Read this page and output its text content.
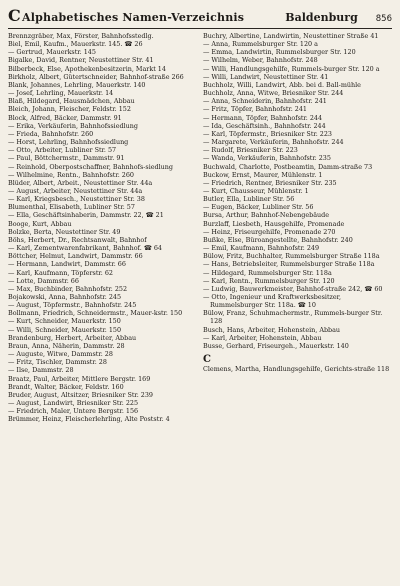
C Alphabetisches Namen-Verzeichnis	Baldenburg 856
Brennzgräber, Max, Förster, Bahnhofsstedlg.
Biel, Emil, Kaufm., Mauerkstr. 145. ☎ 26
— Gertrud, Mauerkstr. 145
Bigalke, David, Rentner, Neustettiner Str. 41
Bilberbeck, Else, Apothekenbesitzerin, Markt 14
Birkholz, Albert, Gütertschneider, Bahnhof-straße 266
Blank, Johannes, Lehrling, Mauerkstr. 140
— Josef, Lehrling, Mauerkstr. 14
Blaß, Hildegard, Hausmädchen, Abbau
Bleich, Johann, Fleischer, Feldstr. 152
Block, Alfred, Bäcker, Dammstr. 91
— Erika, Verkäuferin, Bahnhofssiedlung
— Frieda, Bahnhofstr. 260
— Horst, Lehrling, Bahnhofssiedlung
— Otto, Arbeiter, Lubliner Str. 57
— Paul, Böttchermstr., Dammstr. 91
— Reinhold, Oberpostschaffner, Bahnhofs-siedlung
— Wilhelmine, Rentn., Bahnhofstr. 260
Blüder, Albert, Arbeit., Neustettiner Str. 44a
— August, Arbeiter, Neustettiner Str. 44a
— Karl, Kriegsbesch., Neustettiner Str. 38
Blumenthal, Elisabeth, Lubliner Str. 57
— Ella, Geschäftsinhaberin, Dammstr. 22, ☎ 21
Booge, Kurt, Abbau
Bolzke, Berta, Neustettiner Str. 49
Böhs, Herbert, Dr., Rechtsanwalt, Bahnhof
— Karl, Zementwarenfabrikant, Bahnhof. ☎ 64
Böttcher, Helmut, Landwirt, Dammstr. 66
— Hermann, Landwirt, Dammstr. 66
— Karl, Kaufmann, Töpferstr. 62
— Lotte, Dammstr. 66
— Max, Buchbinder, Bahnhofstr. 252
Bojakowski, Anna, Bahnhofstr. 245
— August, Töpfermstr., Bahnhofstr. 245
Bollmann, Friedrich, Schneidermstr., Mauer-kstr. 150
— Kurt, Schneider, Mauerkstr. 150
— Willi, Schneider, Mauerkstr. 150
Brandenburg, Herbert, Arbeiter, Abbau
Braun, Anna, Näherin, Dammstr. 28
— Auguste, Witwe, Dammstr. 28
— Fritz, Tischler, Dammstr. 28
— Ilse, Dammstr. 28
Braatz, Paul, Arbeiter, Mittlere Bergstr. 169
Brandt, Walter, Bäcker, Feldstr. 160
Bruder, August, Altsitzer, Briesniker Str. 239
— August, Landwirt, Briesniker Str. 225
— Friedrich, Maler, Untere Bergstr. 156
Brümmer, Heinz, Fleischerlehrling, Alte Poststr. 4
Buchry, Albertine, Landwirtin, Neustettiner Straße 41
— Anna, Rummelsburger Str. 120 a
— Emma, Landwirtin, Rummelsburger Str. 120
— Wilhelm, Weber, Bahnhofstr. 248
— Willi, Handlungsgehilfe, Rummels-burger Str. 120 a
— Willi, Landwirt, Neustettiner Str. 41
Buchholz, Willi, Landwirt, Abb. bei d. Ball-mühle
Buchholz, Anna, Witwe, Briesniker Str. 244
— Anna, Schneiderin, Bahnhofstr. 241
— Fritz, Töpfer, Bahnhofstr. 241
— Hermann, Töpfer, Bahnhofstr. 244
— Ida, Geschäftsinh., Bahnhofstr. 244
— Karl, Töpfermstr., Briesniker Str. 223
— Margarete, Verkäuferin, Bahnhofstr. 244
— Rudolf, Briesniker Str. 223
— Wanda, Verkäuferin, Bahnhofstr. 235
Buchwald, Charlotte, Postbeamtin, Damm-straße 73
Buckow, Ernst, Maurer, Mühlenstr. 1
— Friedrich, Rentner, Briesniker Str. 235
— Kurt, Chausseur, Mühlenstr. 1
Butler, Ella, Lubliner Str. 56
— Eugen, Bäcker, Lubliner Str. 56
Bursa, Arthur, Bahnhof-Nebengebäude
Burzlaff, Liesbeth, Hausgehilfe, Promenade
— Heinz, Friseurgehilfe, Promenade 270
Bußke, Else, Büroangestellte, Bahnhofstr. 240
— Emil, Kaufmann, Bahnhofstr. 249
Bülow, Fritz, Buchhalter, Rummelsburger Straße 118a
— Hans, Betriebsleiter, Rummelsburger Straße 118a
— Hildegard, Rummelsburger Str. 118a
— Karl, Rentn., Rummelsburger Str. 120
— Ludwig, Bauwerkmeister, Bahnhof-straße 242, ☎ 60
— Otto, Ingenieur und Kraftwerksbesitzer, Rummelsburger Str. 118a. ☎ 10
Bülow, Franz, Schuhmachermstr., Rummels-burger Str. 128
Busch, Hans, Arbeiter, Hohenstein, Abbau
— Karl, Arbeiter, Hohenstein, Abbau
Busse, Gerhard, Friseurgeh., Mauerkstr. 140
C
Clemens, Martha, Handlungsgehilfe, Gerichts-straße 118
